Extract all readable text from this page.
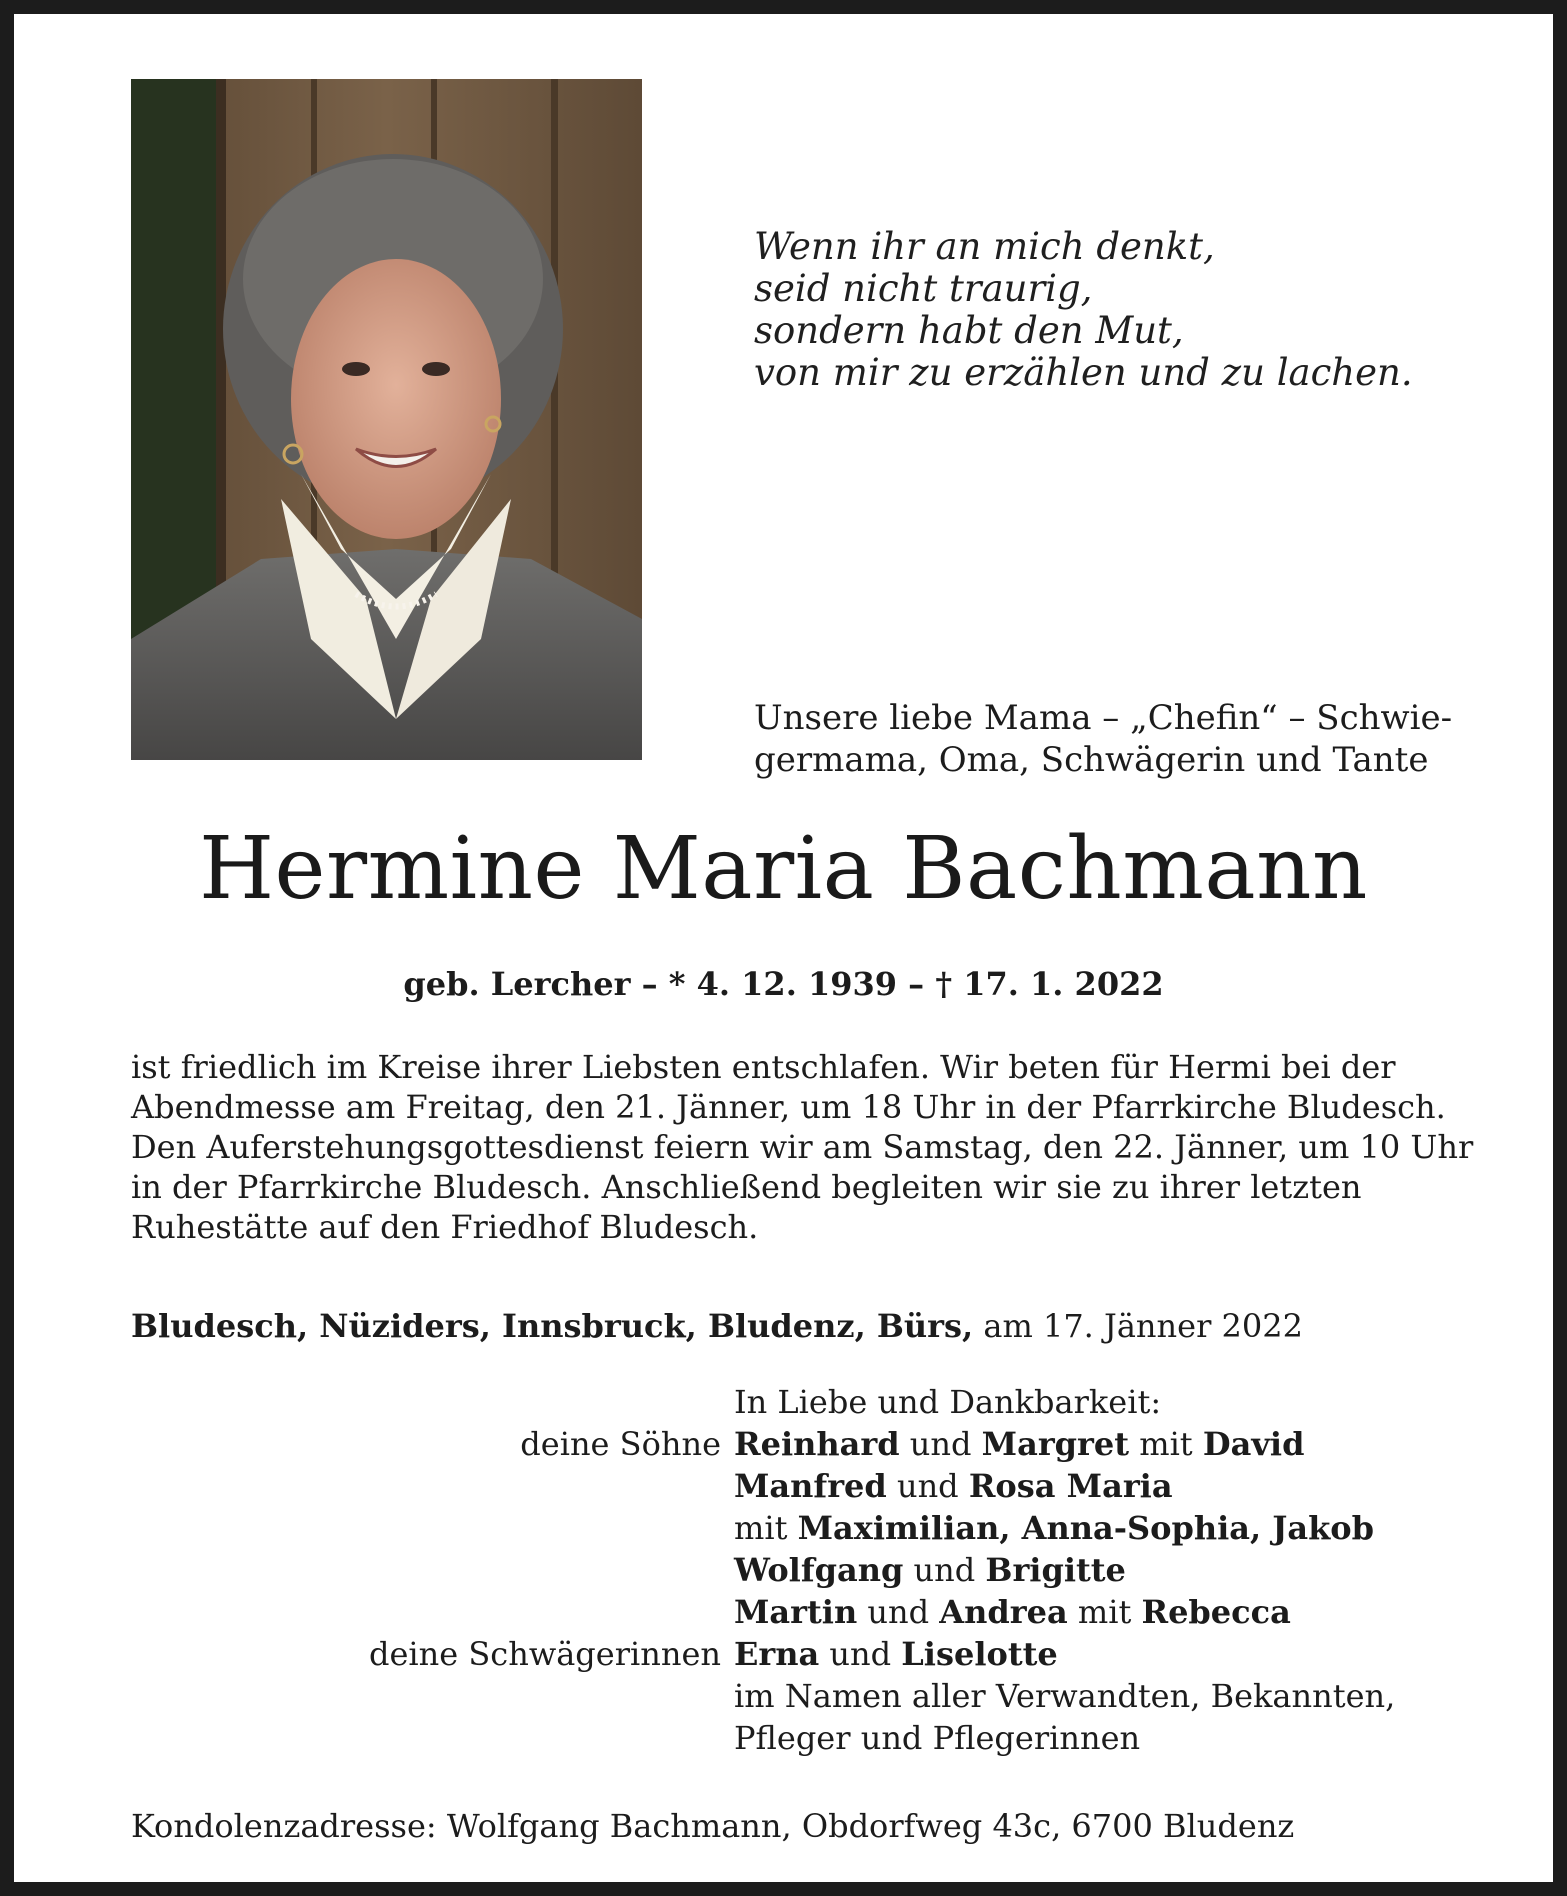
Wenn ihr an mich denkt,
seid nicht traurig,
sondern habt den Mut,
von mir zu erzählen und zu lachen.
Unsere liebe Mama – „Chefin“ – Schwie-
germama, Oma, Schwägerin und Tante
Hermine Maria Bachmann
geb. Lercher – * 4. 12. 1939 – † 17. 1. 2022
ist friedlich im Kreise ihrer Liebsten entschlafen. Wir beten für Hermi bei der
Abendmesse am Freitag, den 21. Jänner, um 18 Uhr in der Pfarrkirche Bludesch.
Den Auferstehungsgottesdienst feiern wir am Samstag, den 22. Jänner, um 10 Uhr
in der Pfarrkirche Bludesch. Anschließend begleiten wir sie zu ihrer letzten
Ruhestätte auf den Friedhof Bludesch.
Bludesch, Nüziders, Innsbruck, Bludenz, Bürs, am 17. Jänner 2022
In Liebe und Dankbarkeit:
deine Söhne Reinhard und Margret mit David
Manfred und Rosa Maria
mit Maximilian, Anna-Sophia, Jakob
Wolfgang und Brigitte
Martin und Andrea mit Rebecca
deine Schwägerinnen Erna und Liselotte
im Namen aller Verwandten, Bekannten,
Pfleger und Pflegerinnen
Kondolenzadresse: Wolfgang Bachmann, Obdorfweg 43c, 6700 Bludenz
